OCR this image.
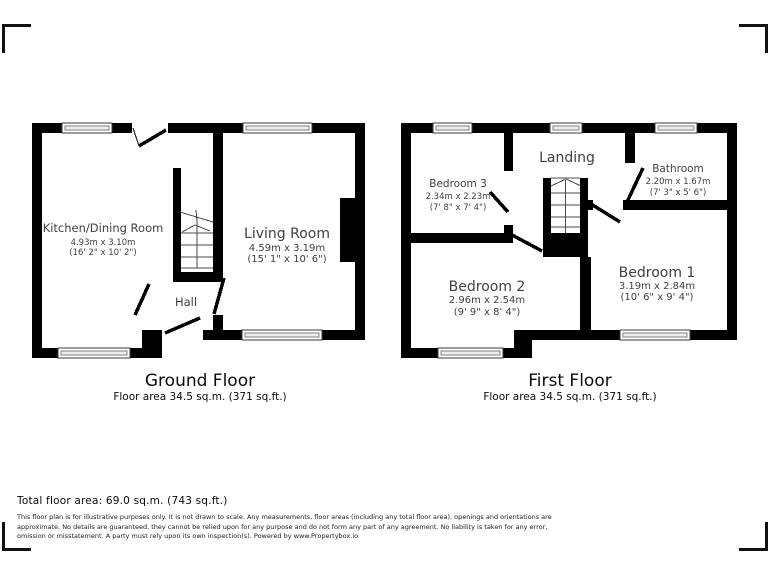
Kitchen/Dining Room
4.93m x 3.10m
(16' 2" x 10' 2")
Living Room
4.59m x 3.19m
(15' 1" x 10' 6")
Hall
Landing
Bedroom 3
2.34m x 2.23m
(7' 8" x 7' 4")
Bathroom
2.20m x 1.67m
(7' 3" x 5' 6")
Bedroom 2
2.96m x 2.54m
(9' 9" x 8' 4")
Bedroom 1
3.19m x 2.84m
(10' 6" x 9' 4")
Ground Floor
Floor area 34.5 sq.m. (371 sq.ft.)
First Floor
Floor area 34.5 sq.m. (371 sq.ft.)
Total floor area: 69.0 sq.m. (743 sq.ft.)
This floor plan is for illustrative purposes only. It is not drawn to scale. Any measurements, floor areas (including any total floor area), openings and orientations are
approximate. No details are guaranteed, they cannot be relied upon for any purpose and do not form any part of any agreement. No liability is taken for any error,
omission or misstatement. A party must rely upon its own inspection(s). Powered by www.Propertybox.io
